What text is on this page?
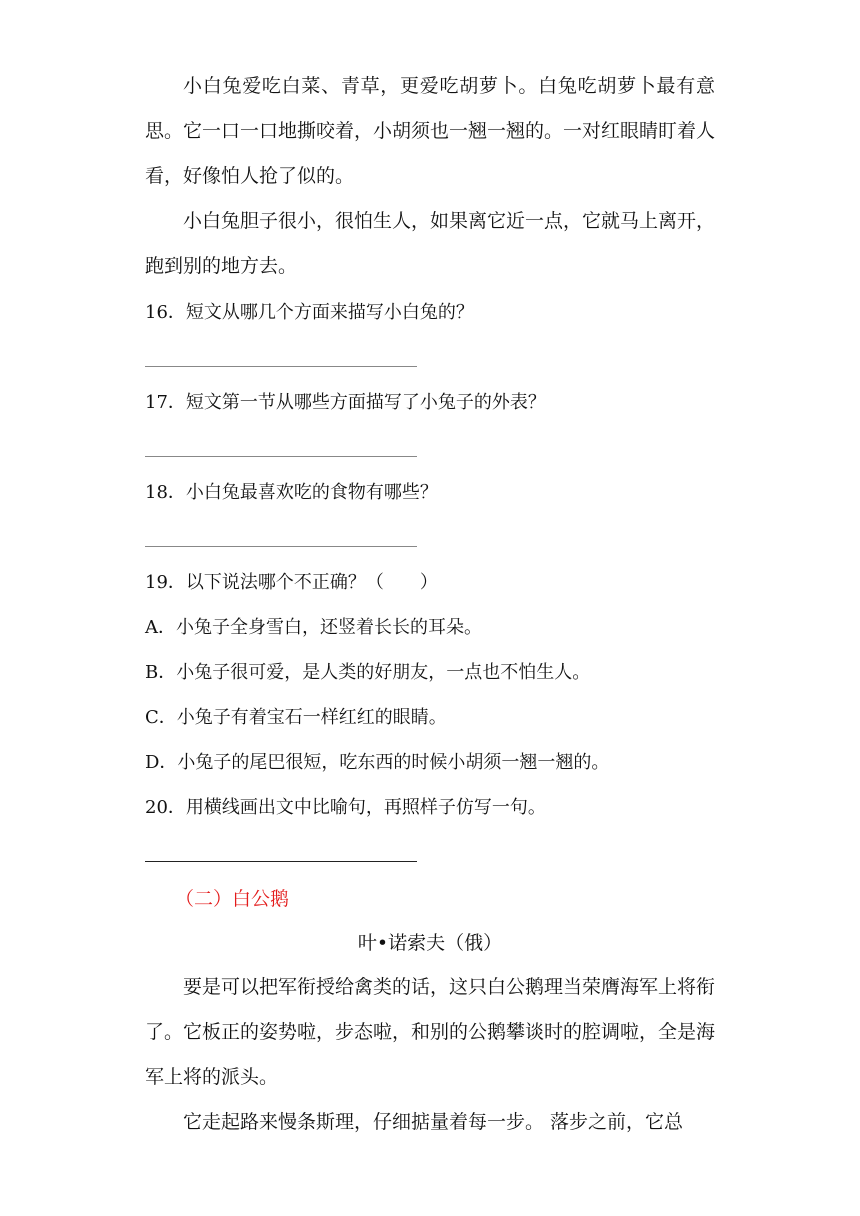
小白兔爱吃白菜、青草，更爱吃胡萝卜。白兔吃胡萝卜最有意思。它一口一口地撕咬着，小胡须也一翘一翘的。一对红眼睛盯着人看，好像怕人抢了似的。

小白兔胆子很小，很怕生人，如果离它近一点，它就马上离开，跑到别的地方去。

16．短文从哪几个方面来描写小白兔的？

17．短文第一节从哪些方面描写了小兔子的外表？

18．小白兔最喜欢吃的食物有哪些？

19．以下说法哪个不正确？（　　）

A．小兔子全身雪白，还竖着长长的耳朵。

B．小兔子很可爱，是人类的好朋友，一点也不怕生人。

C．小兔子有着宝石一样红红的眼睛。

D．小兔子的尾巴很短，吃东西的时候小胡须一翘一翘的。

20．用横线画出文中比喻句，再照样子仿写一句。

（二）白公鹅

叶•诺索夫（俄）

要是可以把军衔授给禽类的话，这只白公鹅理当荣膺海军上将衔了。它板正的姿势啦，步态啦，和别的公鹅攀谈时的腔调啦，全是海军上将的派头。

它走起路来慢条斯理，仔细掂量着每一步。 落步之前，它总
